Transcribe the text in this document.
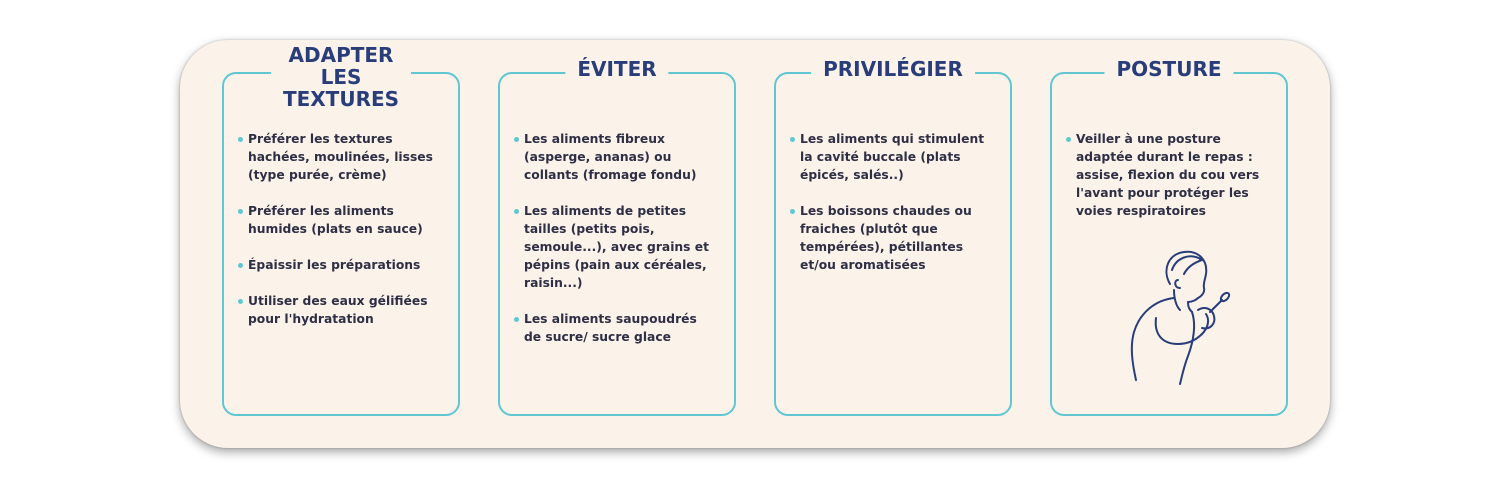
ADAPTER
LES TEXTURES
Préférer les textures
hachées, moulinées, lisses
(type purée, crème)
Préférer les aliments
humides (plats en sauce)
Épaissir les préparations
Utiliser des eaux gélifiées
pour l'hydratation
ÉVITER
Les aliments fibreux
(asperge, ananas) ou
collants (fromage fondu)
Les aliments de petites
tailles (petits pois,
semoule...), avec grains et
pépins (pain aux céréales,
raisin...)
Les aliments saupoudrés
de sucre/ sucre glace
PRIVILÉGIER
Les aliments qui stimulent
la cavité buccale (plats
épicés, salés..)
Les boissons chaudes ou
fraiches (plutôt que
tempérées), pétillantes
et/ou aromatisées
POSTURE
Veiller à une posture
adaptée durant le repas :
assise, flexion du cou vers
l'avant pour protéger les
voies respiratoires
